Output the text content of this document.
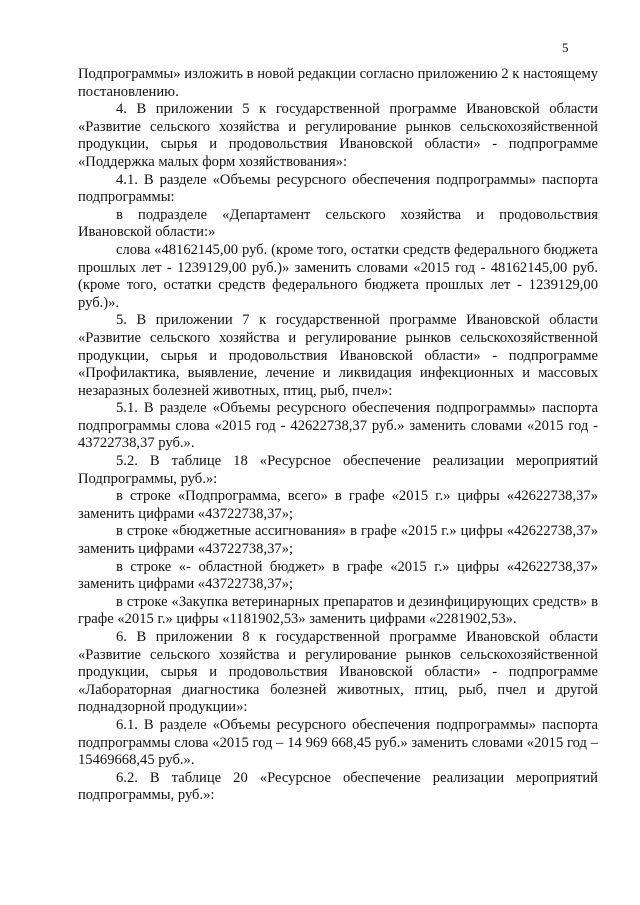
5

Подпрограммы» изложить в новой редакции согласно приложению 2 к настоящему постановлению.

4. В приложении 5 к государственной программе Ивановской области «Развитие сельского хозяйства и регулирование рынков сельскохозяйственной продукции, сырья и продовольствия Ивановской области» - подпрограмме «Поддержка малых форм хозяйствования»:

4.1. В разделе «Объемы ресурсного обеспечения подпрограммы» паспорта подпрограммы:

в подразделе «Департамент сельского хозяйства и продовольствия Ивановской области:»

слова «48162145,00 руб. (кроме того, остатки средств федерального бюджета прошлых лет - 1239129,00 руб.)» заменить словами «2015 год - 48162145,00 руб. (кроме того, остатки средств федерального бюджета прошлых лет - 1239129,00 руб.)».

5. В приложении 7 к государственной программе Ивановской области «Развитие сельского хозяйства и регулирование рынков сельскохозяйственной продукции, сырья и продовольствия Ивановской области» - подпрограмме «Профилактика, выявление, лечение и ликвидация инфекционных и массовых незаразных болезней животных, птиц, рыб, пчел»:

5.1. В разделе «Объемы ресурсного обеспечения подпрограммы» паспорта подпрограммы слова «2015 год - 42622738,37 руб.» заменить словами «2015 год - 43722738,37 руб.».

5.2. В таблице 18 «Ресурсное обеспечение реализации мероприятий Подпрограммы, руб.»:

в строке «Подпрограмма, всего» в графе «2015 г.» цифры «42622738,37» заменить цифрами «43722738,37»;

в строке «бюджетные ассигнования» в графе «2015 г.» цифры «42622738,37» заменить цифрами «43722738,37»;

в строке «- областной бюджет» в графе «2015 г.» цифры «42622738,37» заменить цифрами «43722738,37»;

в строке «Закупка ветеринарных препаратов и дезинфицирующих средств» в графе «2015 г.» цифры «1181902,53» заменить цифрами «2281902,53».

6. В приложении 8 к государственной программе Ивановской области «Развитие сельского хозяйства и регулирование рынков сельскохозяйственной продукции, сырья и продовольствия Ивановской области» - подпрограмме «Лабораторная диагностика болезней животных, птиц, рыб, пчел и другой поднадзорной продукции»:

6.1. В разделе «Объемы ресурсного обеспечения подпрограммы» паспорта подпрограммы слова «2015 год – 14 969 668,45 руб.» заменить словами «2015 год – 15469668,45 руб.».

6.2. В таблице 20 «Ресурсное обеспечение реализации мероприятий подпрограммы, руб.»:
